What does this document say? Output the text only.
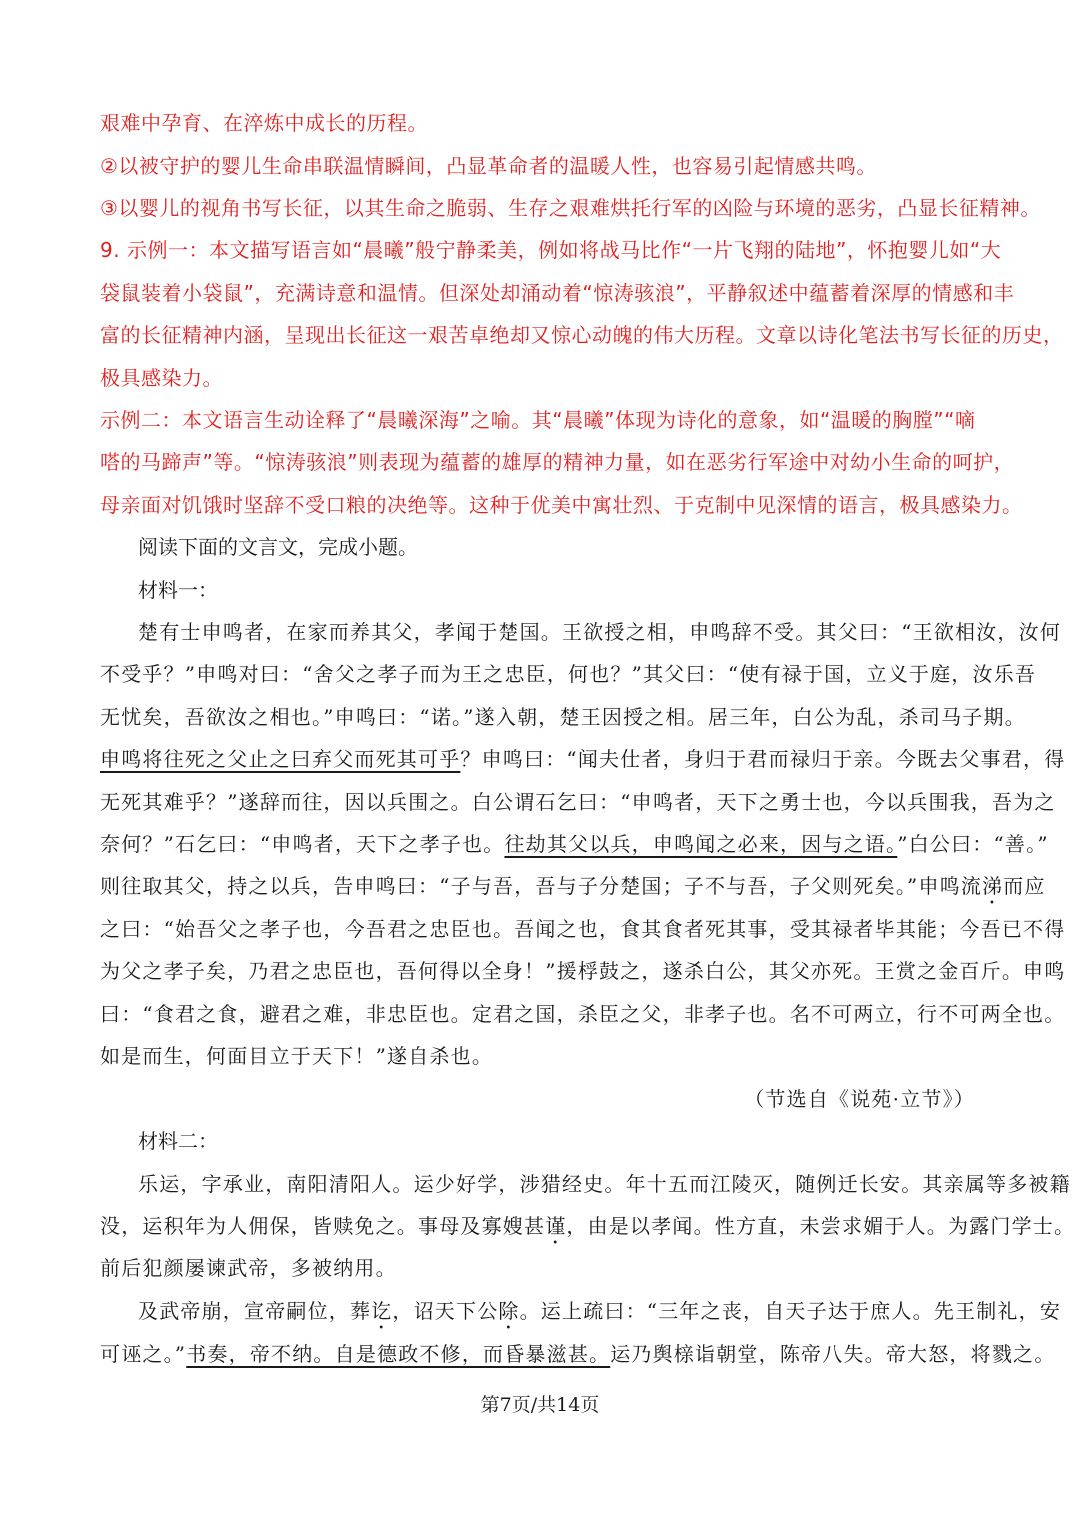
艰难中孕育、在淬炼中成长的历程。
②以被守护的婴儿生命串联温情瞬间，凸显革命者的温暖人性，也容易引起情感共鸣。
③以婴儿的视角书写长征，以其生命之脆弱、生存之艰难烘托行军的凶险与环境的恶劣，凸显长征精神。
9. 示例一：本文描写语言如“晨曦”般宁静柔美，例如将战马比作“一片飞翔的陆地”，怀抱婴儿如“大
袋鼠装着小袋鼠”，充满诗意和温情。但深处却涌动着“惊涛骇浪”，平静叙述中蕴蓄着深厚的情感和丰
富的长征精神内涵，呈现出长征这一艰苦卓绝却又惊心动魄的伟大历程。文章以诗化笔法书写长征的历史，
极具感染力。
示例二：本文语言生动诠释了“晨曦深海”之喻。其“晨曦”体现为诗化的意象，如“温暖的胸膛”“嘀
嗒的马蹄声”等。“惊涛骇浪”则表现为蕴蓄的雄厚的精神力量，如在恶劣行军途中对幼小生命的呵护，
母亲面对饥饿时坚辞不受口粮的决绝等。这种于优美中寓壮烈、于克制中见深情的语言，极具感染力。
阅读下面的文言文，完成小题。
材料一：
楚有士申鸣者，在家而养其父，孝闻于楚国。王欲授之相，申鸣辞不受。其父曰：“王欲相汝，汝何
不受乎？”申鸣对曰：“舍父之孝子而为王之忠臣，何也？”其父曰：“使有禄于国，立义于庭，汝乐吾
无忧矣，吾欲汝之相也。”申鸣曰：“诺。”遂入朝，楚王因授之相。居三年，白公为乱，杀司马子期。
申鸣将往死之父止之曰弃父而死其可乎？申鸣曰：“闻夫仕者，身归于君而禄归于亲。今既去父事君，得
无死其难乎？”遂辞而往，因以兵围之。白公谓石乞曰：“申鸣者，天下之勇士也，今以兵围我，吾为之
奈何？”石乞曰：“申鸣者，天下之孝子也。往劫其父以兵，申鸣闻之必来，因与之语。”白公曰：“善。”
则往取其父，持之以兵，告申鸣曰：“子与吾，吾与子分楚国；子不与吾，子父则死矣。”申鸣流涕而应
之曰：“始吾父之孝子也，今吾君之忠臣也。吾闻之也，食其食者死其事，受其禄者毕其能；今吾已不得
为父之孝子矣，乃君之忠臣也，吾何得以全身！”援桴鼓之，遂杀白公，其父亦死。王赏之金百斤。申鸣
曰：“食君之食，避君之难，非忠臣也。定君之国，杀臣之父，非孝子也。名不可两立，行不可两全也。
如是而生，何面目立于天下！”遂自杀也。
（节选自《说苑·立节》）
材料二：
乐运，字承业，南阳清阳人。运少好学，涉猎经史。年十五而江陵灭，随例迁长安。其亲属等多被籍
没，运积年为人佣保，皆赎免之。事母及寡嫂甚谨，由是以孝闻。性方直，未尝求媚于人。为露门学士。
前后犯颜屡谏武帝，多被纳用。
及武帝崩，宣帝嗣位，葬讫，诏天下公除。运上疏曰：“三年之丧，自天子达于庶人。先王制礼，安
可诬之。”书奏，帝不纳。自是德政不修，而昏暴滋甚。运乃舆榇诣朝堂，陈帝八失。帝大怒，将戮之。
第7页/共14页
